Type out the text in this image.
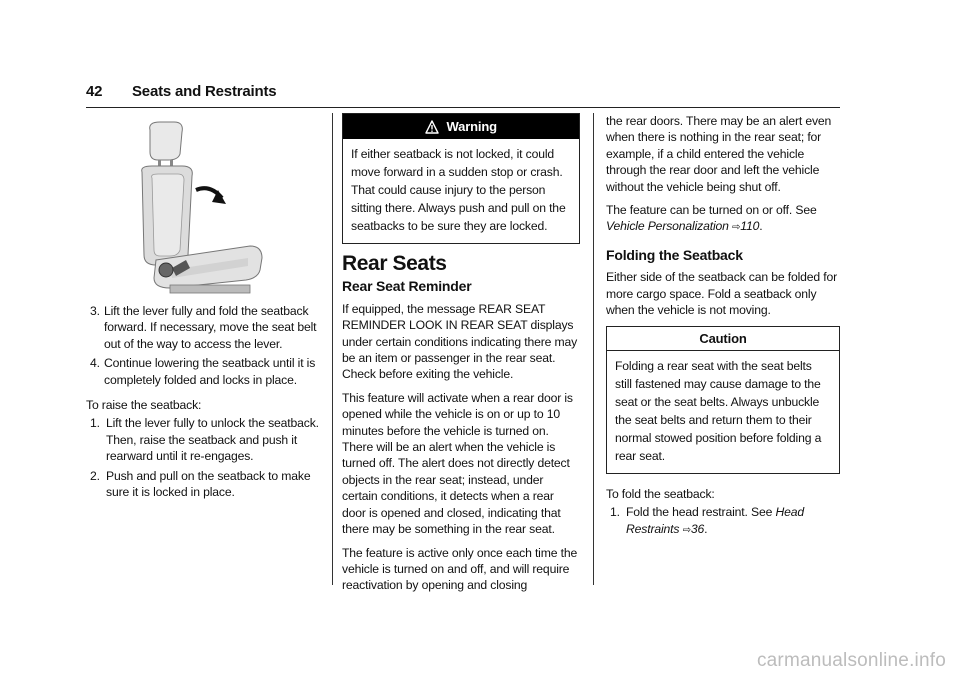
42 Seats and Restraints
3. Lift the lever fully and fold the seatback forward. If necessary, move the seat belt out of the way to access the lever.
4. Continue lowering the seatback until it is completely folded and locks in place.
To raise the seatback:
1. Lift the lever fully to unlock the seatback. Then, raise the seatback and push it rearward until it re-engages.
2. Push and pull on the seatback to make sure it is locked in place.
Warning
If either seatback is not locked, it could move forward in a sudden stop or crash. That could cause injury to the person sitting there. Always push and pull on the seatbacks to be sure they are locked.
Rear Seats
Rear Seat Reminder

If equipped, the message REAR SEAT REMINDER LOOK IN REAR SEAT displays under certain conditions indicating there may be an item or passenger in the rear seat. Check before exiting the vehicle.

This feature will activate when a rear door is opened while the vehicle is on or up to 10 minutes before the vehicle is turned on. There will be an alert when the vehicle is turned off. The alert does not directly detect objects in the rear seat; instead, under certain conditions, it detects when a rear door is opened and closed, indicating that there may be something in the rear seat.

The feature is active only once each time the vehicle is turned on and off, and will require reactivation by opening and closing

the rear doors. There may be an alert even when there is nothing in the rear seat; for example, if a child entered the vehicle through the rear door and left the vehicle without the vehicle being shut off.

The feature can be turned on or off. See
Vehicle Personalization ⇨110.

Folding the Seatback

Either side of the seatback can be folded for more cargo space. Fold a seatback only when the vehicle is not moving.

Caution
Folding a rear seat with the seat belts still fastened may cause damage to the seat or the seat belts. Always unbuckle the seat belts and return them to their normal stowed position before folding a rear seat.
To fold the seatback:
1. Fold the head restraint. See Head Restraints ⇨36.
carmanualsonline.info
